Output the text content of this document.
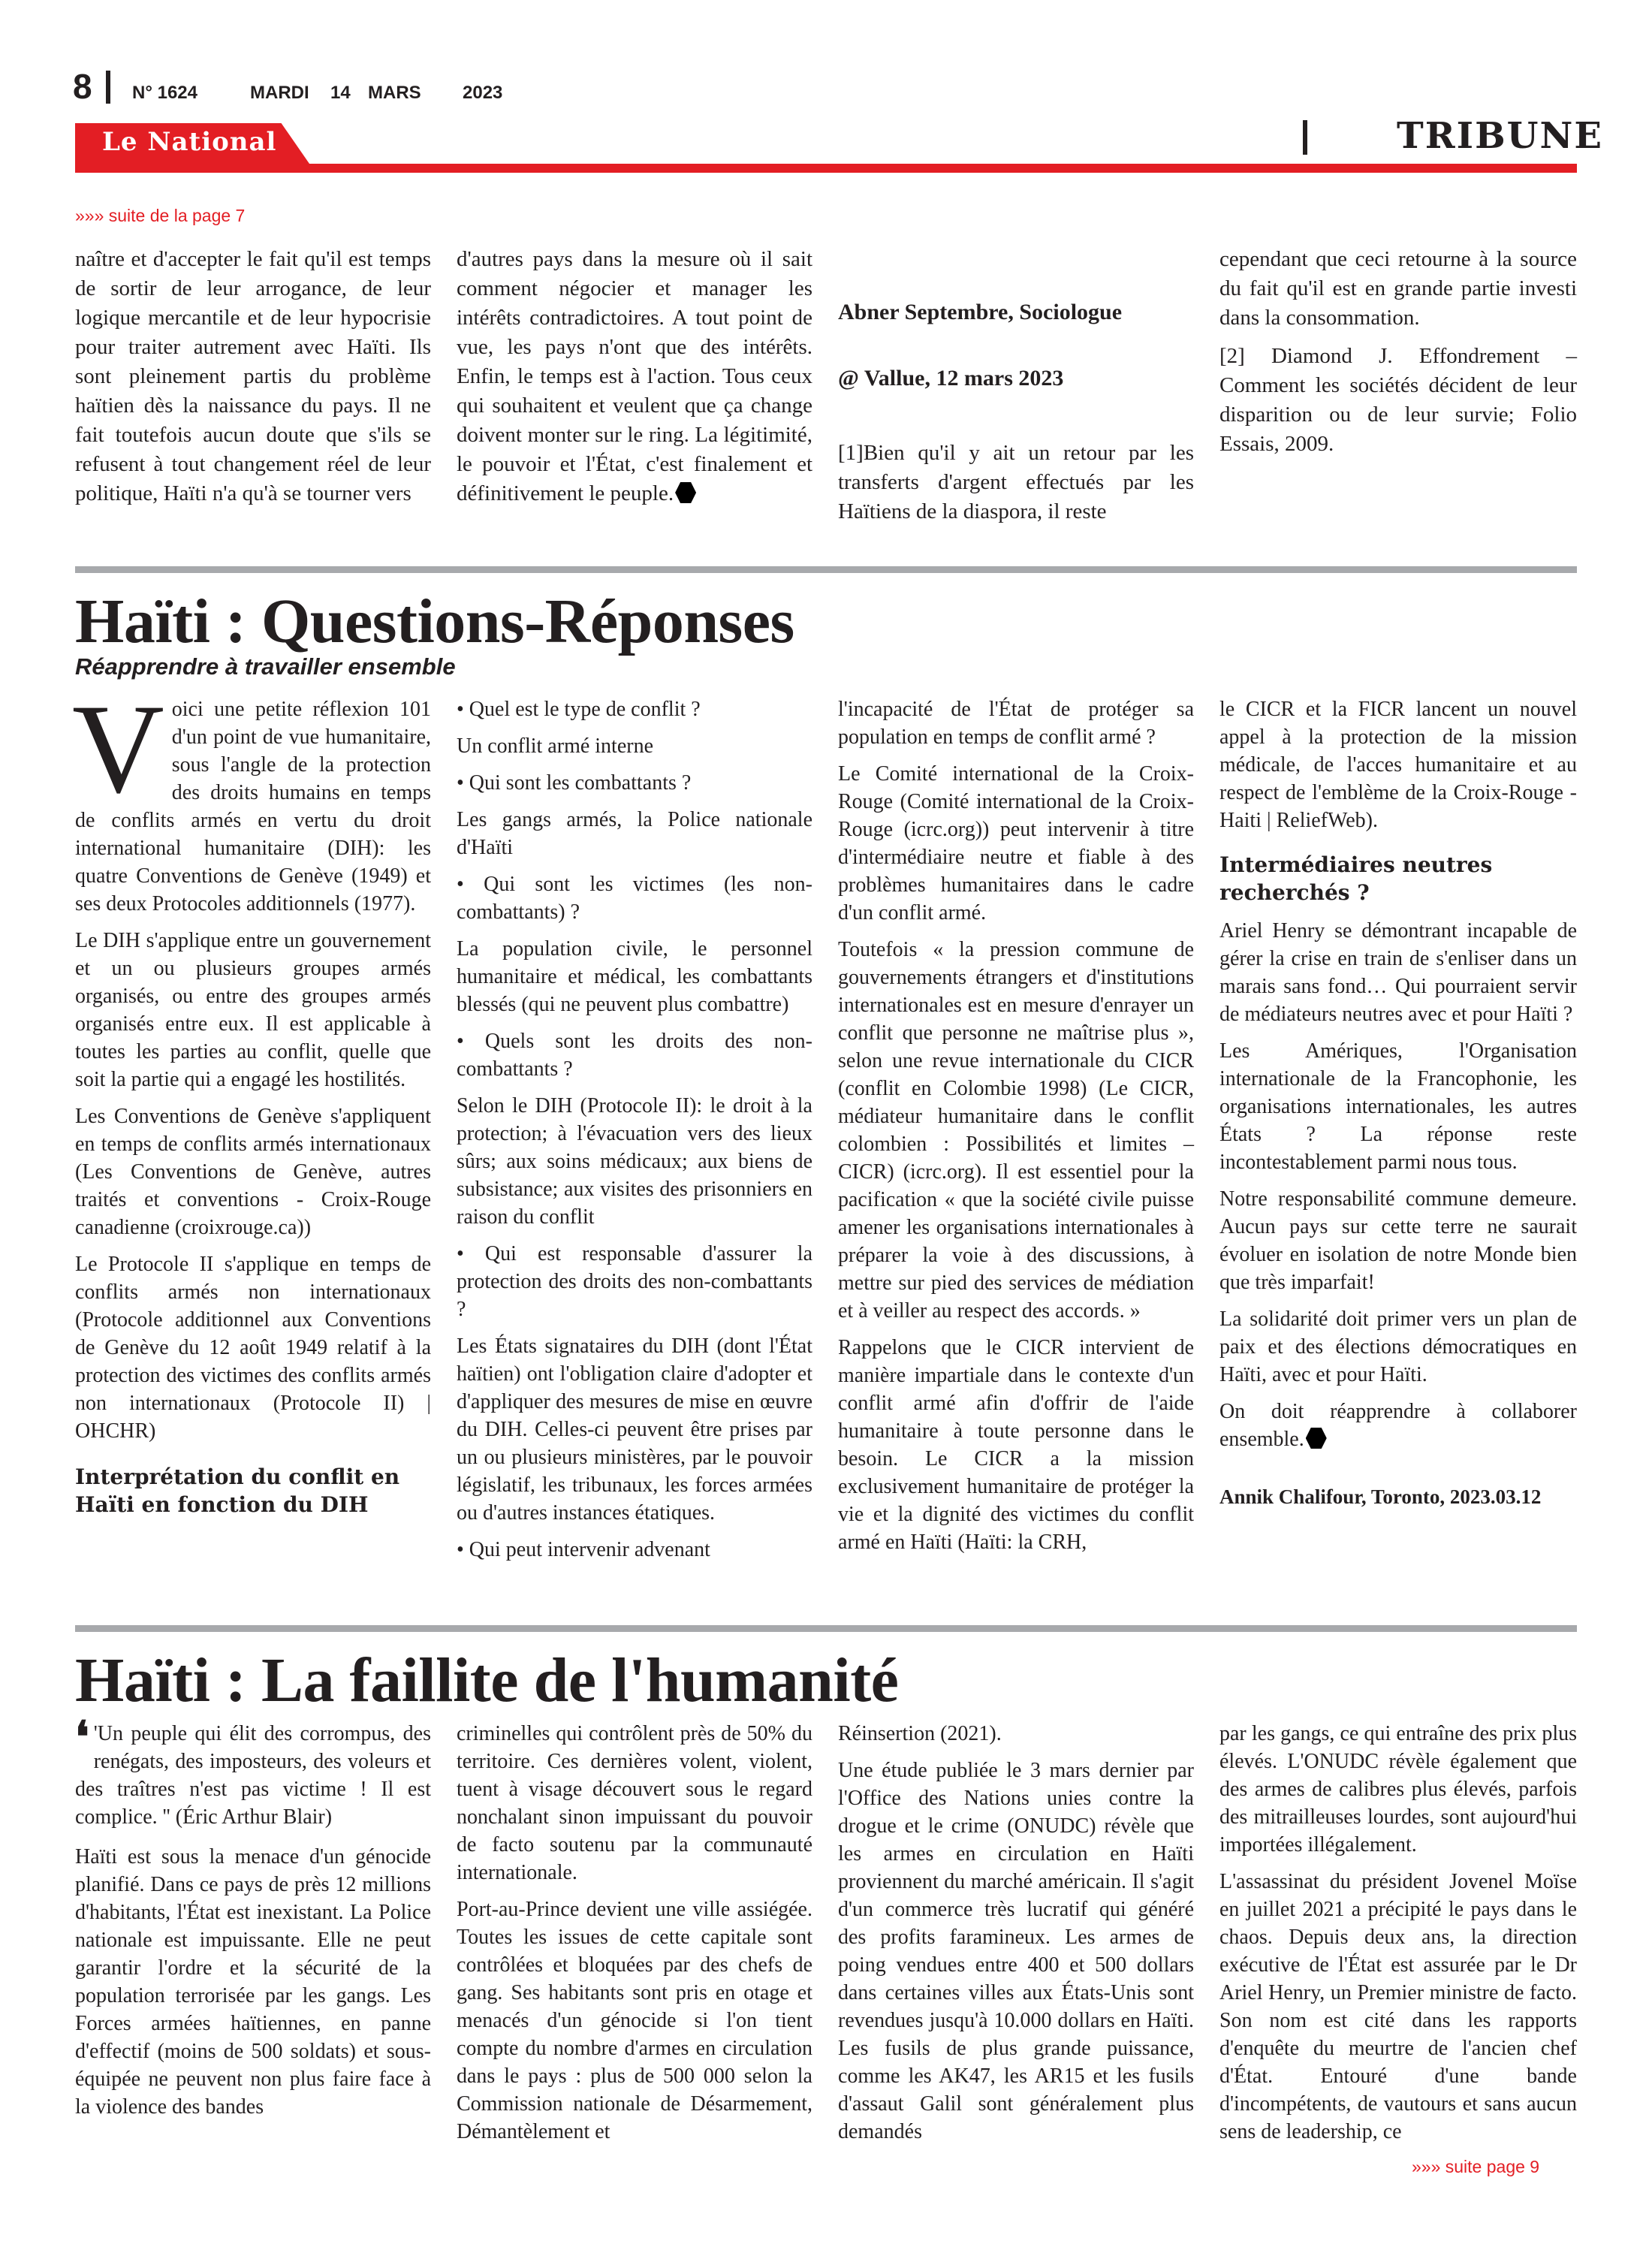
8 N° 1624	MARDI 14 MARS 2023
Le National	TRIBUNE
»»» suite de la page 7

naître et d'accepter le fait qu'il est temps de sortir de leur arrogance, de leur logique mercantile et de leur hypocrisie pour traiter autrement avec Haïti. Ils sont pleinement partis du problème haïtien dès la naissance du pays. Il ne fait toutefois aucun doute que s'ils se refusent à tout changement réel de leur politique, Haïti n'a qu'à se tourner vers

d'autres pays dans la mesure où il sait comment négocier et manager les intérêts contradictoires. A tout point de vue, les pays n'ont que des intérêts. Enfin, le temps est à l'action. Tous ceux qui souhaitent et veulent que ça change doivent monter sur le ring. La légitimité, le pouvoir et l'État, c'est finalement et définitivement le peuple.

Abner Septembre, Sociologue
@ Vallue, 12 mars 2023
[1]Bien qu'il y ait un retour par les transferts d'argent effectués par les Haïtiens de la diaspora, il reste

cependant que ceci retourne à la source du fait qu'il est en grande partie investi dans la consommation.

[2] Diamond J. Effondrement – Comment les sociétés décident de leur disparition ou de leur survie; Folio Essais, 2009.

Haïti : Questions-Réponses
Réapprendre à travailler ensemble

Voici une petite réflexion 101 d'un point de vue humanitaire, sous l'angle de la protection des droits humains en temps de conflits armés en vertu du droit international humanitaire (DIH): les quatre Conventions de Genève (1949) et ses deux Protocoles additionnels (1977).

Le DIH s'applique entre un gouvernement et un ou plusieurs groupes armés organisés, ou entre des groupes armés organisés entre eux. Il est applicable à toutes les parties au conflit, quelle que soit la partie qui a engagé les hostilités.

Les Conventions de Genève s'appliquent en temps de conflits armés internationaux (Les Conventions de Genève, autres traités et conventions - Croix-Rouge canadienne (croixrouge.ca))

Le Protocole II s'applique en temps de conflits armés non internationaux (Protocole additionnel aux Conventions de Genève du 12 août 1949 relatif à la protection des victimes des conflits armés non internationaux (Protocole II) | OHCHR)

Interprétation du conflit en Haïti en fonction du DIH

• Quel est le type de conflit ?

Un conflit armé interne

• Qui sont les combattants ?

Les gangs armés, la Police nationale d'Haïti

• Qui sont les victimes (les non-combattants) ?

La population civile, le personnel humanitaire et médical, les combattants blessés (qui ne peuvent plus combattre)

• Quels sont les droits des non-combattants ?

Selon le DIH (Protocole II): le droit à la protection; à l'évacuation vers des lieux sûrs; aux soins médicaux; aux biens de subsistance; aux visites des prisonniers en raison du conflit

• Qui est responsable d'assurer la protection des droits des non-combattants ?

Les États signataires du DIH (dont l'État haïtien) ont l'obligation claire d'adopter et d'appliquer des mesures de mise en œuvre du DIH. Celles-ci peuvent être prises par un ou plusieurs ministères, par le pouvoir législatif, les tribunaux, les forces armées ou d'autres instances étatiques.

• Qui peut intervenir advenant

l'incapacité de l'État de protéger sa population en temps de conflit armé ?

Le Comité international de la Croix-Rouge (Comité international de la Croix-Rouge (icrc.org)) peut intervenir à titre d'intermédiaire neutre et fiable à des problèmes humanitaires dans le cadre d'un conflit armé.

Toutefois « la pression commune de gouvernements étrangers et d'institutions internationales est en mesure d'enrayer un conflit que personne ne maîtrise plus », selon une revue internationale du CICR (conflit en Colombie 1998) (Le CICR, médiateur humanitaire dans le conflit colombien : Possibilités et limites – CICR) (icrc.org). Il est essentiel pour la pacification « que la société civile puisse amener les organisations internationales à préparer la voie à des discussions, à mettre sur pied des services de médiation et à veiller au respect des accords. »

Rappelons que le CICR intervient de manière impartiale dans le contexte d'un conflit armé afin d'offrir de l'aide humanitaire à toute personne dans le besoin. Le CICR a la mission exclusivement humanitaire de protéger la vie et la dignité des victimes du conflit armé en Haïti (Haïti: la CRH,

le CICR et la FICR lancent un nouvel appel à la protection de la mission médicale, de l'acces humanitaire et au respect de l'emblème de la Croix-Rouge - Haiti | ReliefWeb).

Intermédiaires neutres recherchés ?

Ariel Henry se démontrant incapable de gérer la crise en train de s'enliser dans un marais sans fond… Qui pourraient servir de médiateurs neutres avec et pour Haïti ?

Les Amériques, l'Organisation internationale de la Francophonie, les organisations internationales, les autres États ? La réponse reste incontestablement parmi nous tous.

Notre responsabilité commune demeure. Aucun pays sur cette terre ne saurait évoluer en isolation de notre Monde bien que très imparfait!

La solidarité doit primer vers un plan de paix et des élections démocratiques en Haïti, avec et pour Haïti.

On doit réapprendre à collaborer ensemble.

Annik Chalifour, Toronto, 2023.03.12
Haïti : La faillite de l'humanité

❛ 'Un peuple qui élit des corrompus, des renégats, des imposteurs, des voleurs et des traîtres n'est pas victime ! Il est complice. '' (Éric Arthur Blair)

Haïti est sous la menace d'un génocide planifié. Dans ce pays de près 12 millions d'habitants, l'État est inexistant. La Police nationale est impuissante. Elle ne peut garantir l'ordre et la sécurité de la population terrorisée par les gangs. Les Forces armées haïtiennes, en panne d'effectif (moins de 500 soldats) et sous-équipée ne peuvent non plus faire face à la violence des bandes

criminelles qui contrôlent près de 50% du territoire. Ces dernières volent, violent, tuent à visage découvert sous le regard nonchalant sinon impuissant du pouvoir de facto soutenu par la communauté internationale.

Port-au-Prince devient une ville assiégée. Toutes les issues de cette capitale sont contrôlées et bloquées par des chefs de gang. Ses habitants sont pris en otage et menacés d'un génocide si l'on tient compte du nombre d'armes en circulation dans le pays : plus de 500 000 selon la Commission nationale de Désarmement, Démantèlement et

Réinsertion (2021).

Une étude publiée le 3 mars dernier par l'Office des Nations unies contre la drogue et le crime (ONUDC) révèle que les armes en circulation en Haïti proviennent du marché américain. Il s'agit d'un commerce très lucratif qui généré des profits faramineux. Les armes de poing vendues entre 400 et 500 dollars dans certaines villes aux États-Unis sont revendues jusqu'à 10.000 dollars en Haïti. Les fusils de plus grande puissance, comme les AK47, les AR15 et les fusils d'assaut Galil sont généralement plus demandés

par les gangs, ce qui entraîne des prix plus élevés. L'ONUDC révèle également que des armes de calibres plus élevés, parfois des mitrailleuses lourdes, sont aujourd'hui importées illégalement.

L'assassinat du président Jovenel Moïse en juillet 2021 a précipité le pays dans le chaos. Depuis deux ans, la direction exécutive de l'État est assurée par le Dr Ariel Henry, un Premier ministre de facto. Son nom est cité dans les rapports d'enquête du meurtre de l'ancien chef d'État. Entouré d'une bande d'incompétents, de vautours et sans aucun sens de leadership, ce

»»» suite page 9
